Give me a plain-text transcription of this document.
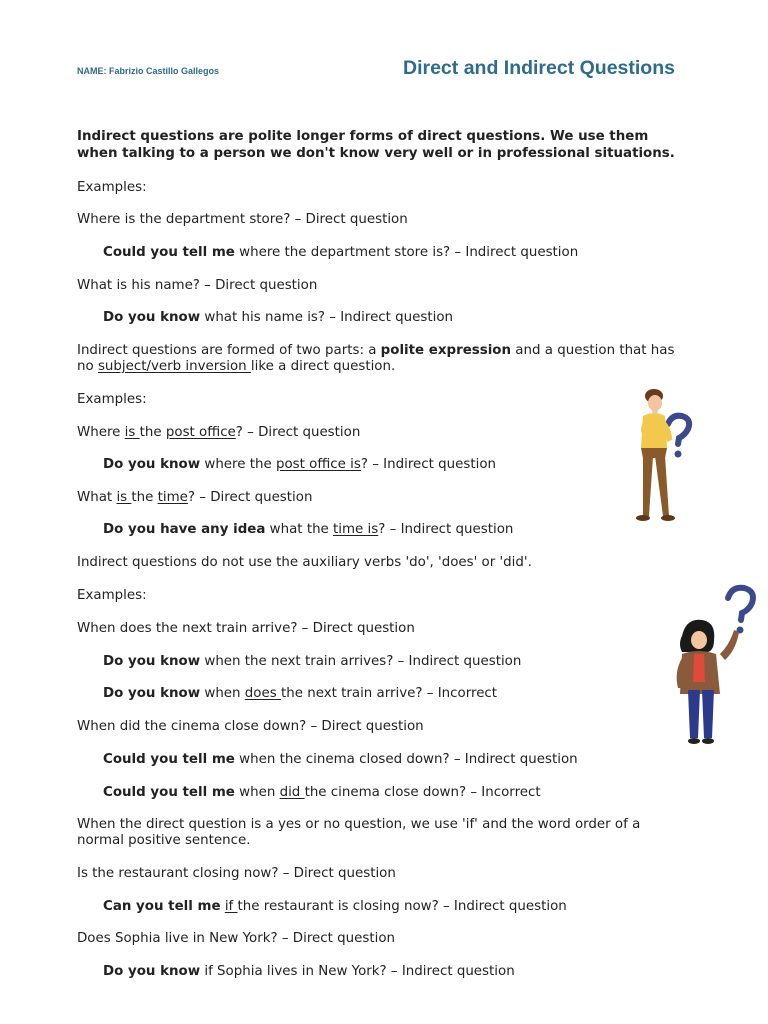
NAME: Fabrizio Castillo Gallegos	Direct and Indirect Questions
Indirect questions are polite longer forms of direct questions. We use them
when talking to a person we don't know very well or in professional situations.
Examples:
Where is the department store? – Direct question
Could you tell me where the department store is? – Indirect question
What is his name? – Direct question
Do you know what his name is? – Indirect question
Indirect questions are formed of two parts: a polite expression and a question that has
no subject/verb inversion like a direct question.
Examples:
Where is the post office? – Direct question
Do you know where the post office is? – Indirect question
What is the time? – Direct question
Do you have any idea what the time is? – Indirect question
Indirect questions do not use the auxiliary verbs 'do', 'does' or 'did'.
Examples:
When does the next train arrive? – Direct question
Do you know when the next train arrives? – Indirect question
Do you know when does the next train arrive? – Incorrect
When did the cinema close down? – Direct question
Could you tell me when the cinema closed down? – Indirect question
Could you tell me when did the cinema close down? – Incorrect
When the direct question is a yes or no question, we use 'if' and the word order of a
normal positive sentence.
Is the restaurant closing now? – Direct question
Can you tell me if the restaurant is closing now? – Indirect question
Does Sophia live in New York? – Direct question
Do you know if Sophia lives in New York? – Indirect question
